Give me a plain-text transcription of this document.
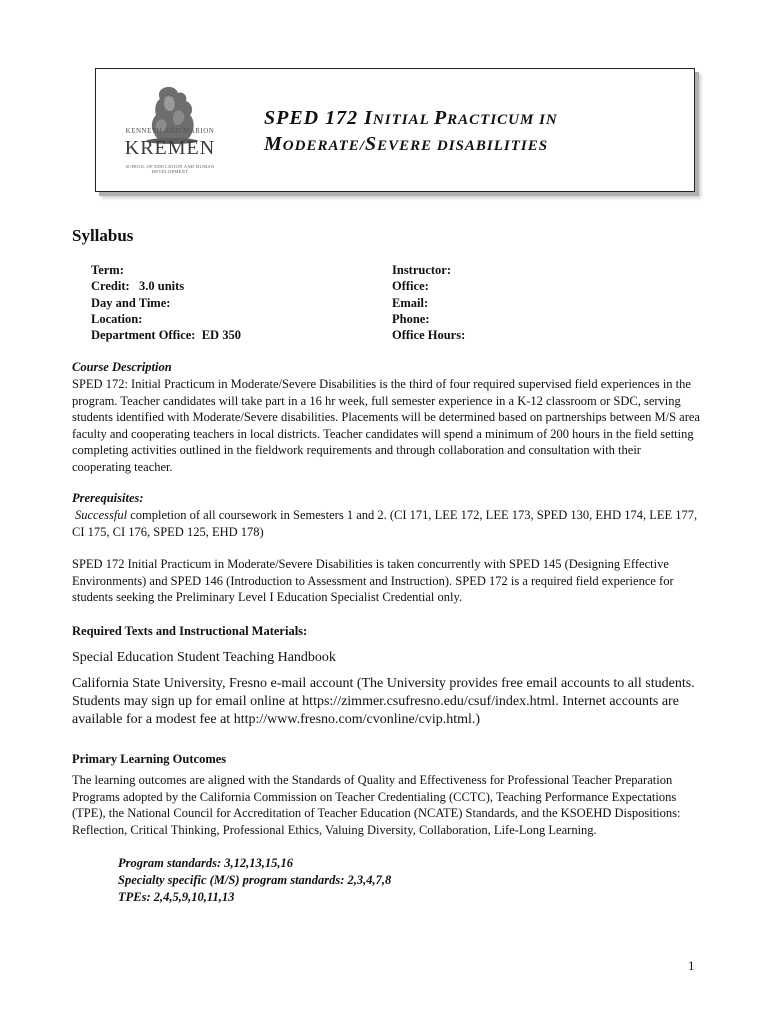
KENNETH AND MARION
KREMEN
SCHOOL OF EDUCATION AND HUMAN DEVELOPMENT
SPED 172 INITIAL PRACTICUM IN
MODERATE/SEVERE DISABILITIES
Syllabus
Term:
Credit:   3.0 units
Day and Time:
Location:
Department Office:  ED 350
Instructor:
Office:
Email:
Phone:
Office Hours:
Course Description
SPED 172: Initial Practicum in Moderate/Severe Disabilities is the third of four required supervised field experiences in the program. Teacher candidates will take part in a 16 hr week, full semester experience in a K-12 classroom or SDC, serving students identified with Moderate/Severe disabilities. Placements will be determined based on partnerships between M/S area faculty and cooperating teachers in local districts. Teacher candidates will spend a minimum of 200 hours in the field setting completing activities outlined in the fieldwork requirements and through collaboration and consultation with their cooperating teacher.
Prerequisites:
Successful completion of all coursework in Semesters 1 and 2. (CI 171, LEE 172, LEE 173, SPED 130, EHD 174, LEE 177, CI 175, CI 176, SPED 125, EHD 178)
SPED 172 Initial Practicum in Moderate/Severe Disabilities is taken concurrently with SPED 145 (Designing Effective Environments) and SPED 146 (Introduction to Assessment and Instruction). SPED 172 is a required field experience for students seeking the Preliminary Level I Education Specialist Credential only.
Required Texts and Instructional Materials:
Special Education Student Teaching Handbook
California State University, Fresno e-mail account (The University provides free email accounts to all students. Students may sign up for email online at https://zimmer.csufresno.edu/csuf/index.html. Internet accounts are available for a modest fee at http://www.fresno.com/cvonline/cvip.html.)
Primary Learning Outcomes
The learning outcomes are aligned with the Standards of Quality and Effectiveness for Professional Teacher Preparation Programs adopted by the California Commission on Teacher Credentialing (CCTC), Teaching Performance Expectations (TPE), the National Council for Accreditation of Teacher Education (NCATE) Standards, and the KSOEHD Dispositions: Reflection, Critical Thinking, Professional Ethics, Valuing Diversity, Collaboration, Life-Long Learning.
Program standards: 3,12,13,15,16
Specialty specific (M/S) program standards: 2,3,4,7,8
TPEs: 2,4,5,9,10,11,13
1
